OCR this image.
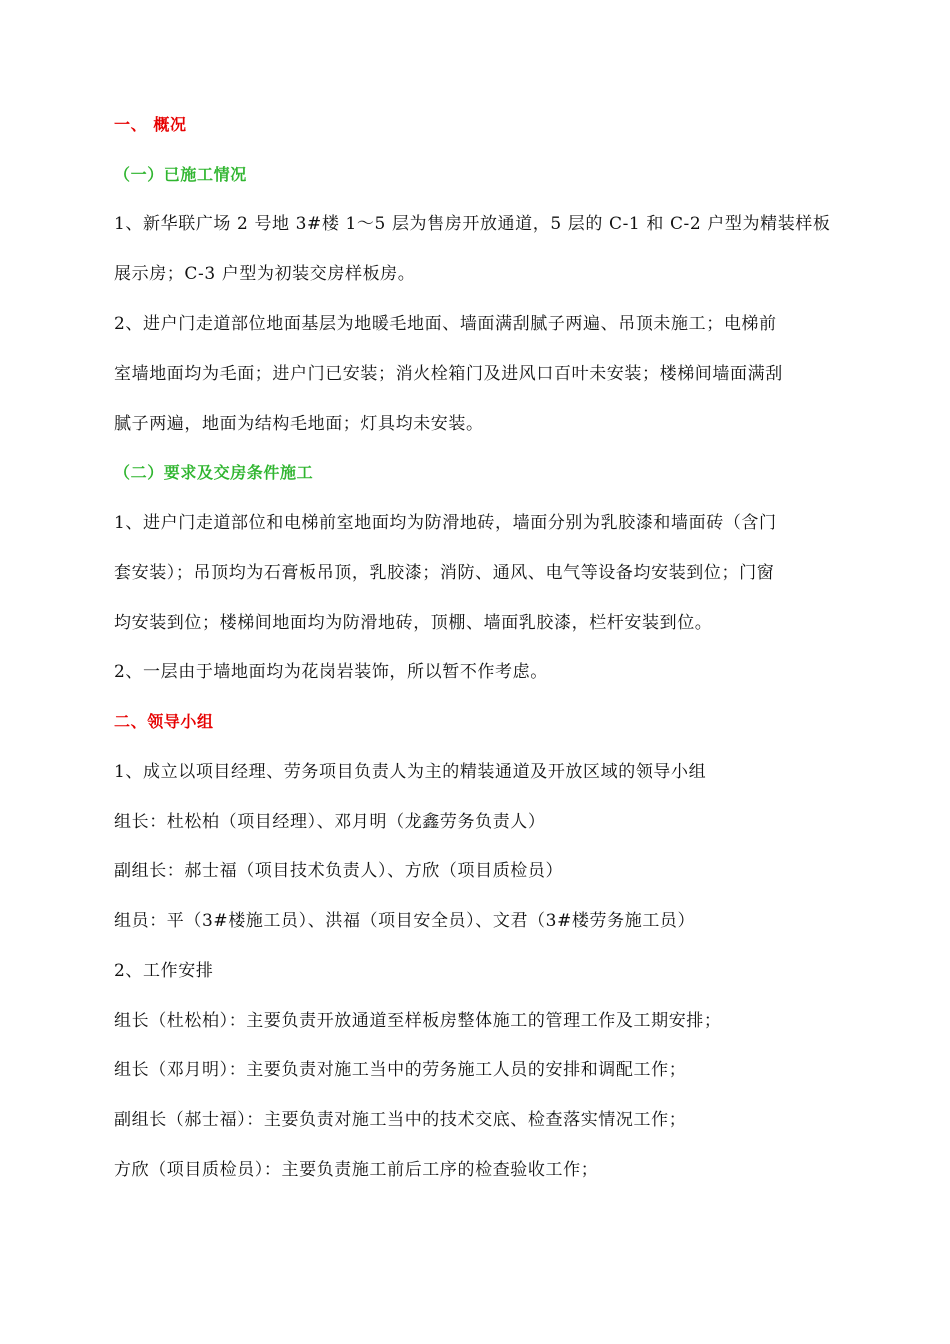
一、 概况
（一）已施工情况
1、新华联广场 2 号地 3#楼 1～5 层为售房开放通道，5 层的 C-1 和 C-2 户型为精装样板
展示房；C-3 户型为初装交房样板房。
2、进户门走道部位地面基层为地暖毛地面、墙面满刮腻子两遍、吊顶未施工；电梯前
室墙地面均为毛面；进户门已安装；消火栓箱门及进风口百叶未安装；楼梯间墙面满刮
腻子两遍，地面为结构毛地面；灯具均未安装。
（二）要求及交房条件施工
1、进户门走道部位和电梯前室地面均为防滑地砖，墙面分别为乳胶漆和墙面砖（含门
套安装）；吊顶均为石膏板吊顶，乳胶漆；消防、通风、电气等设备均安装到位；门窗
均安装到位；楼梯间地面均为防滑地砖，顶棚、墙面乳胶漆，栏杆安装到位。
2、一层由于墙地面均为花岗岩装饰，所以暂不作考虑。
二、领导小组
1、成立以项目经理、劳务项目负责人为主的精装通道及开放区域的领导小组
组长：杜松柏（项目经理）、邓月明（龙鑫劳务负责人）
副组长：郝士福（项目技术负责人）、方欣（项目质检员）
组员：平（3#楼施工员）、洪福（项目安全员）、文君（3#楼劳务施工员）
2、工作安排
组长（杜松柏）：主要负责开放通道至样板房整体施工的管理工作及工期安排；
组长（邓月明）：主要负责对施工当中的劳务施工人员的安排和调配工作；
副组长（郝士福）：主要负责对施工当中的技术交底、检查落实情况工作；
方欣（项目质检员）：主要负责施工前后工序的检查验收工作；
